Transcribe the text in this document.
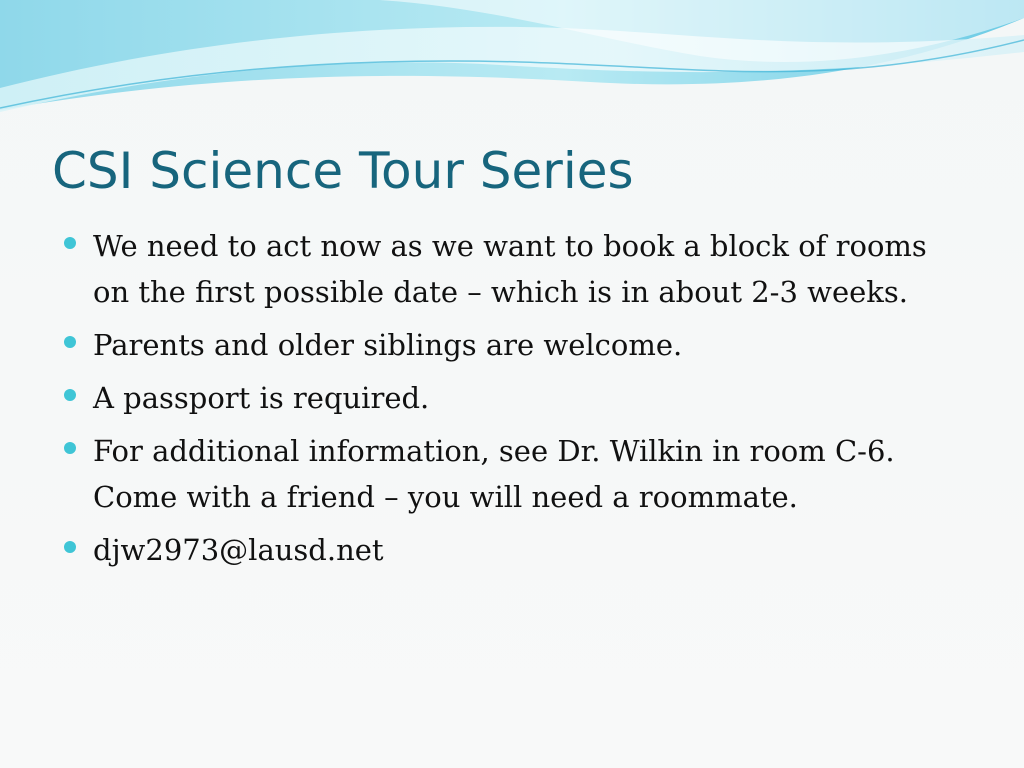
CSI Science Tour Series
We need to act now as we want to book a block of rooms on the first possible date – which is in about 2-3 weeks.
Parents and older siblings are welcome.
A passport is required.
For additional information, see Dr. Wilkin in room C-6. Come with a friend – you will need a roommate.
djw2973@lausd.net
